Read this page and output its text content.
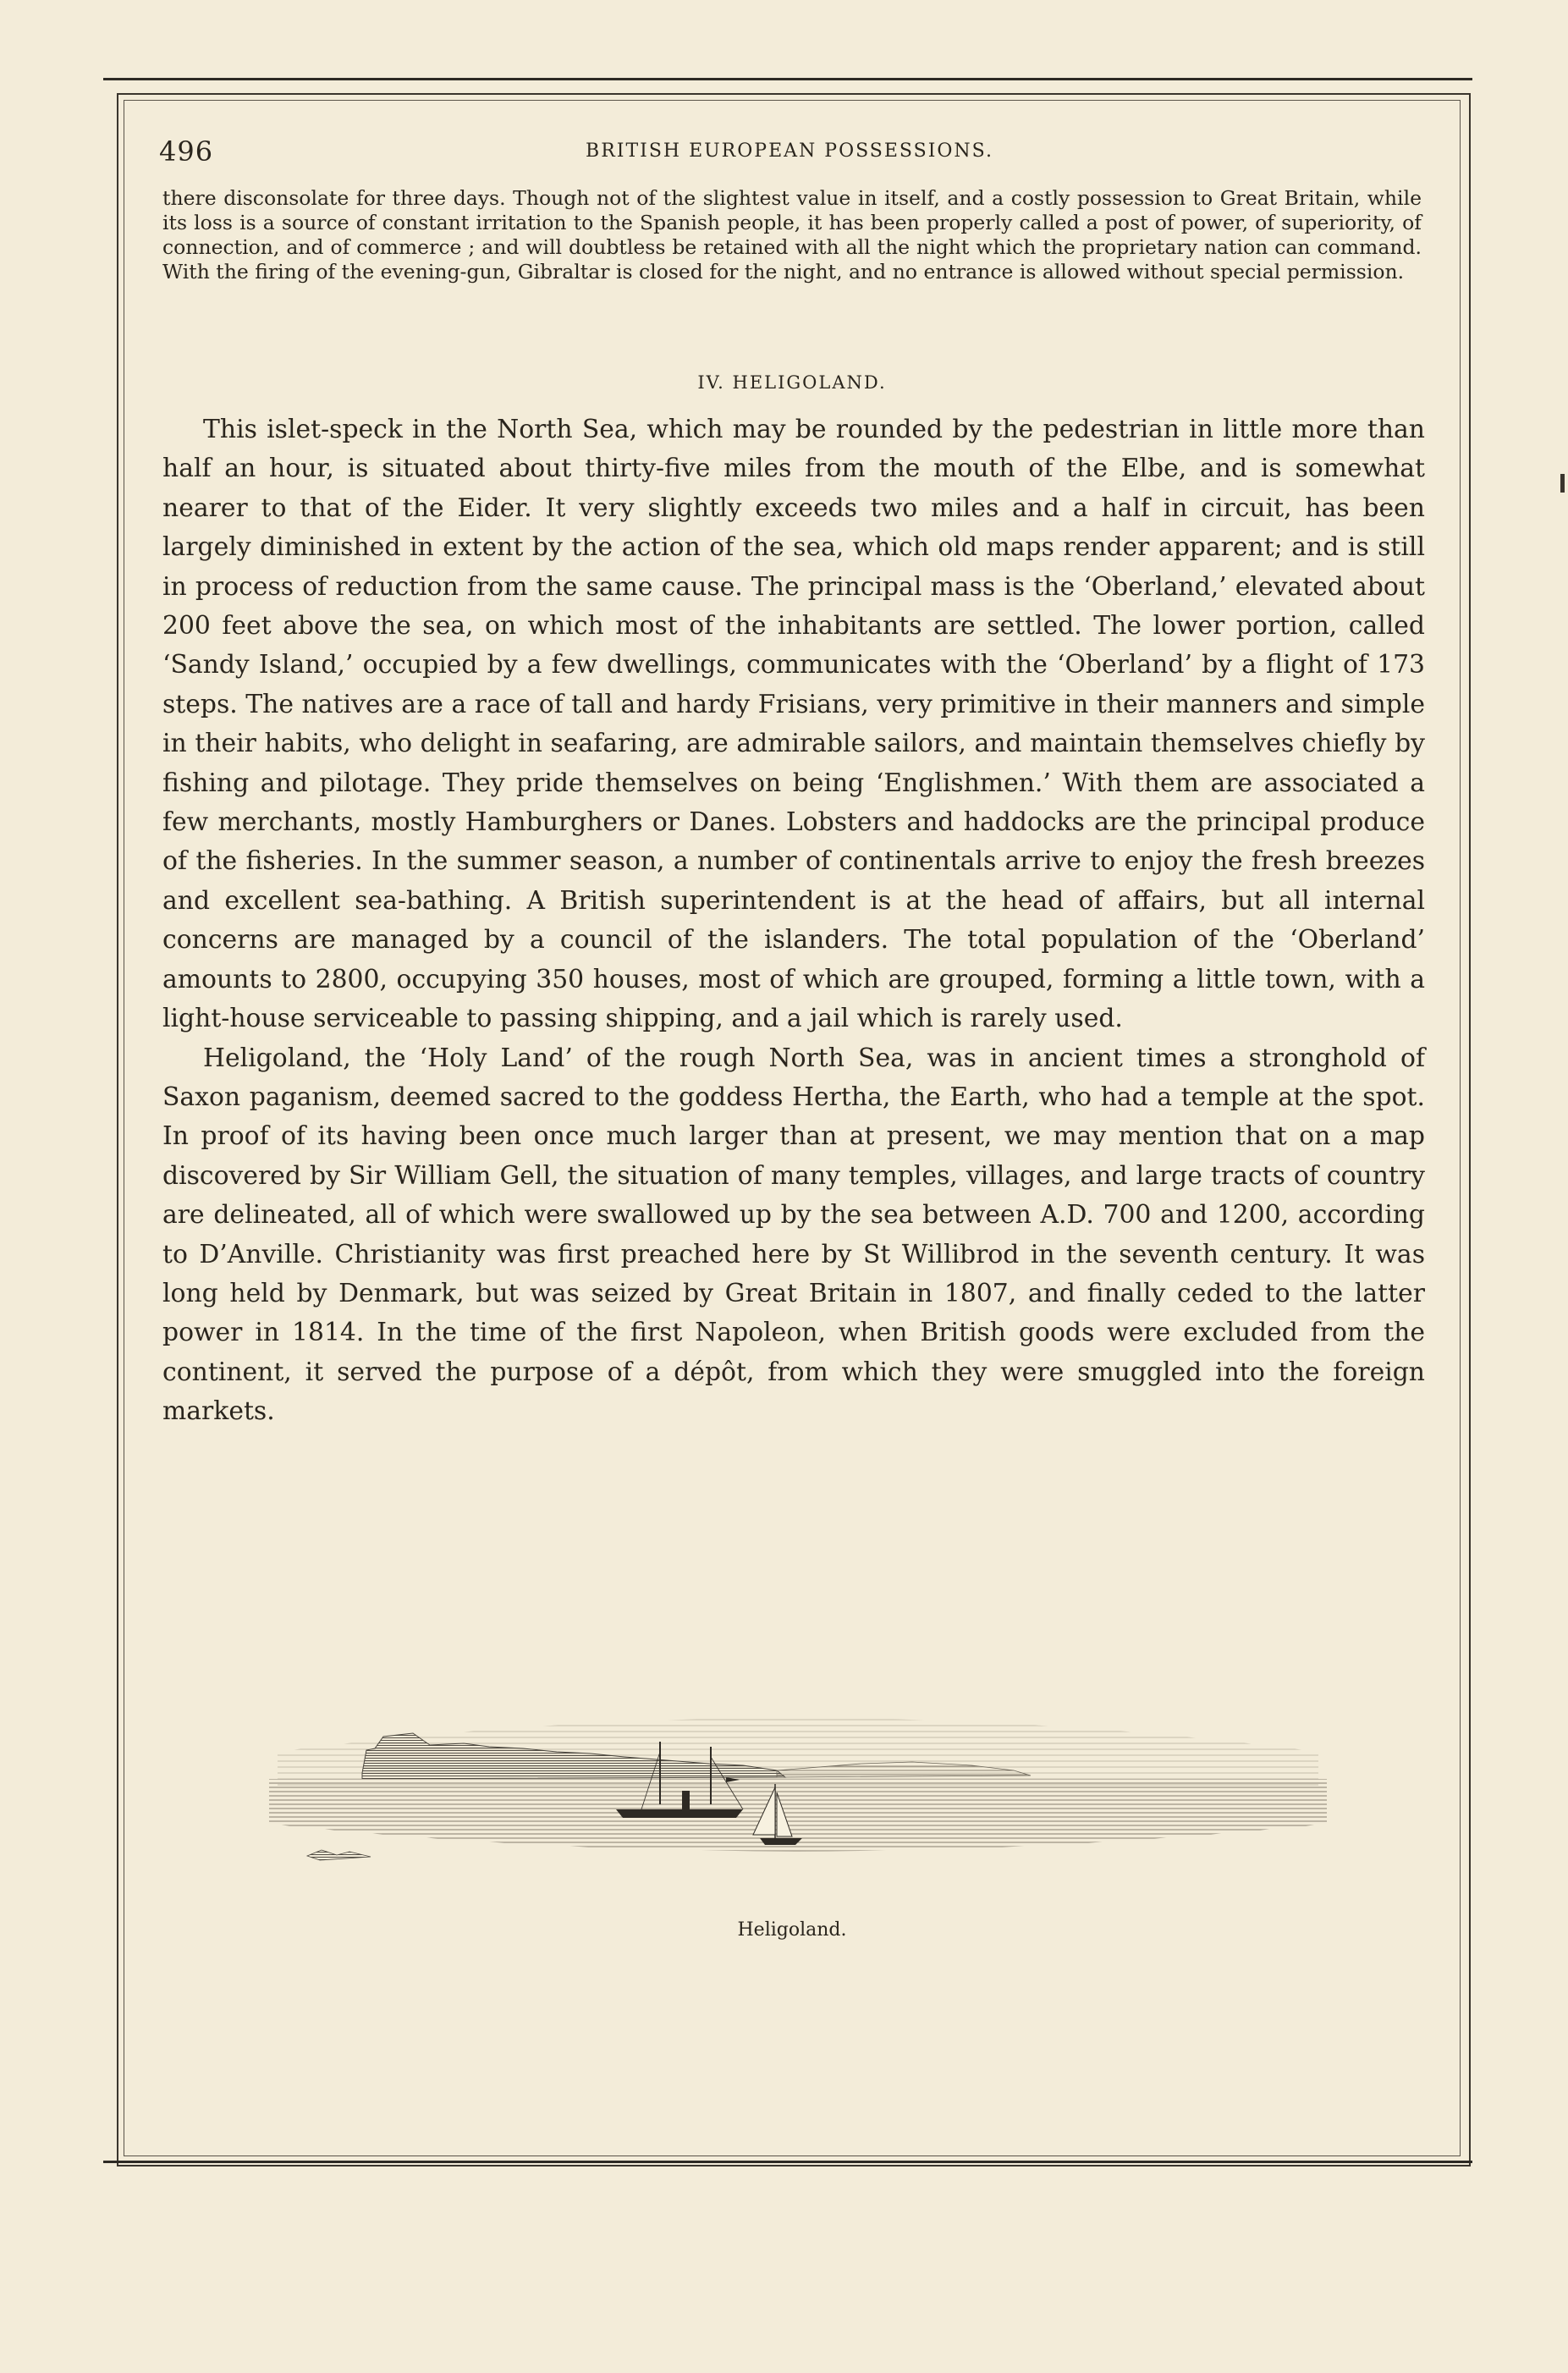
496	BRITISH EUROPEAN POSSESSIONS.
there disconsolate for three days. Though not of the slightest value in itself, and a costly possession to Great Britain, while its loss is a source of constant irritation to the Spanish people, it has been properly called a post of power, of superiority, of connection, and of commerce ; and will doubtless be retained with all the night which the proprietary nation can command. With the firing of the evening-gun, Gibraltar is closed for the night, and no entrance is allowed without special permission.
IV. HELIGOLAND.

This islet-speck in the North Sea, which may be rounded by the pedestrian in little more than half an hour, is situated about thirty-five miles from the mouth of the Elbe, and is somewhat nearer to that of the Eider. It very slightly exceeds two miles and a half in circuit, has been largely diminished in extent by the action of the sea, which old maps render apparent; and is still in process of reduction from the same cause. The principal mass is the ‘Oberland,’ elevated about 200 feet above the sea, on which most of the inhabitants are settled. The lower portion, called ‘Sandy Island,’ occupied by a few dwellings, communicates with the ‘Oberland’ by a flight of 173 steps. The natives are a race of tall and hardy Frisians, very primitive in their manners and simple in their habits, who delight in seafaring, are admirable sailors, and maintain themselves chiefly by fishing and pilotage. They pride themselves on being ‘Englishmen.’ With them are associated a few merchants, mostly Hamburghers or Danes. Lobsters and haddocks are the principal produce of the fisheries. In the summer season, a number of continentals arrive to enjoy the fresh breezes and excellent sea-bathing. A British superintendent is at the head of affairs, but all internal concerns are managed by a council of the islanders. The total population of the ‘Oberland’ amounts to 2800, occupying 350 houses, most of which are grouped, forming a little town, with a light-house serviceable to passing shipping, and a jail which is rarely used.

Heligoland, the ‘Holy Land’ of the rough North Sea, was in ancient times a stronghold of Saxon paganism, deemed sacred to the goddess Hertha, the Earth, who had a temple at the spot. In proof of its having been once much larger than at present, we may mention that on a map discovered by Sir William Gell, the situation of many temples, villages, and large tracts of country are delineated, all of which were swallowed up by the sea between A.D. 700 and 1200, according to D’Anville. Christianity was first preached here by St Willibrod in the seventh century. It was long held by Denmark, but was seized by Great Britain in 1807, and finally ceded to the latter power in 1814. In the time of the first Napoleon, when British goods were excluded from the continent, it served the purpose of a dépôt, from which they were smuggled into the foreign markets.

Heligoland.
